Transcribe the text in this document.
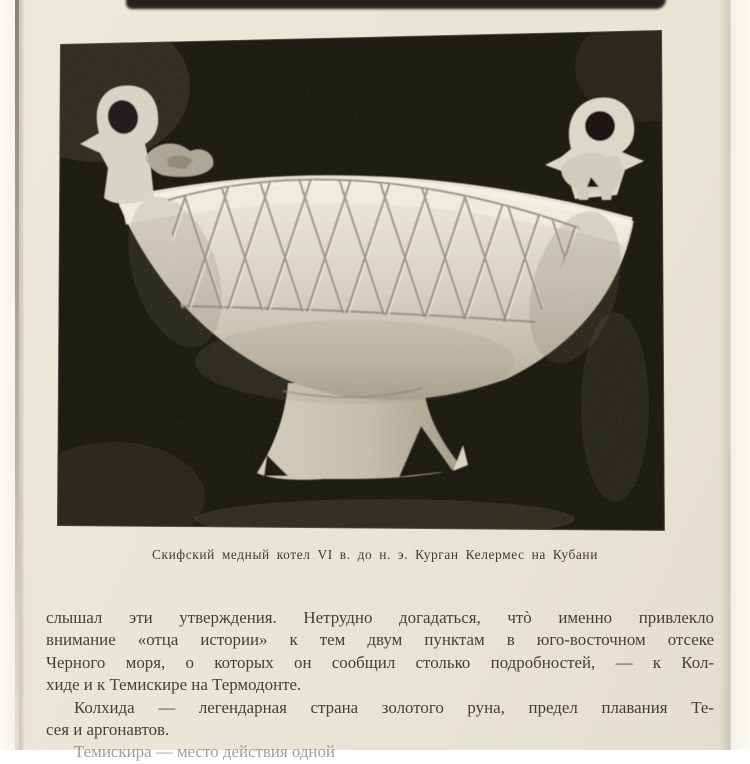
Скифский медный котел VI в. до н. э. Курган Келермес на Кубани
слышал эти утверждения. Нетрудно догадаться, чтò именно привлекло
внимание «отца истории» к тем двум пунктам в юго-восточном отсеке
Черного моря, о которых он сообщил столько подробностей, — к Кол-
хиде и к Темискире на Термодонте.
Колхида — легендарная страна золотого руна, предел плавания Те-
сея и аргонавтов.
Темискира — место действия одной
